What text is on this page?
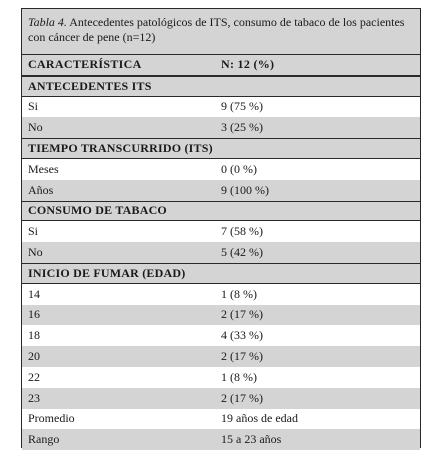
Tabla 4. Antecedentes patológicos de ITS, consumo de tabaco de los pacientes con cáncer de pene (n=12)
CARACTERÍSTICA	N: 12 (%)
ANTECEDENTES ITS
Si	9 (75 %)
No	3 (25 %)
TIEMPO TRANSCURRIDO (ITS)
Meses	0 (0 %)
Años	9 (100 %)
CONSUMO DE TABACO
Si	7 (58 %)
No	5 (42 %)
INICIO DE FUMAR (EDAD)
14	1 (8 %)
16	2 (17 %)
18	4 (33 %)
20	2 (17 %)
22	1 (8 %)
23	2 (17 %)
Promedio	19 años de edad
Rango	15 a 23 años
